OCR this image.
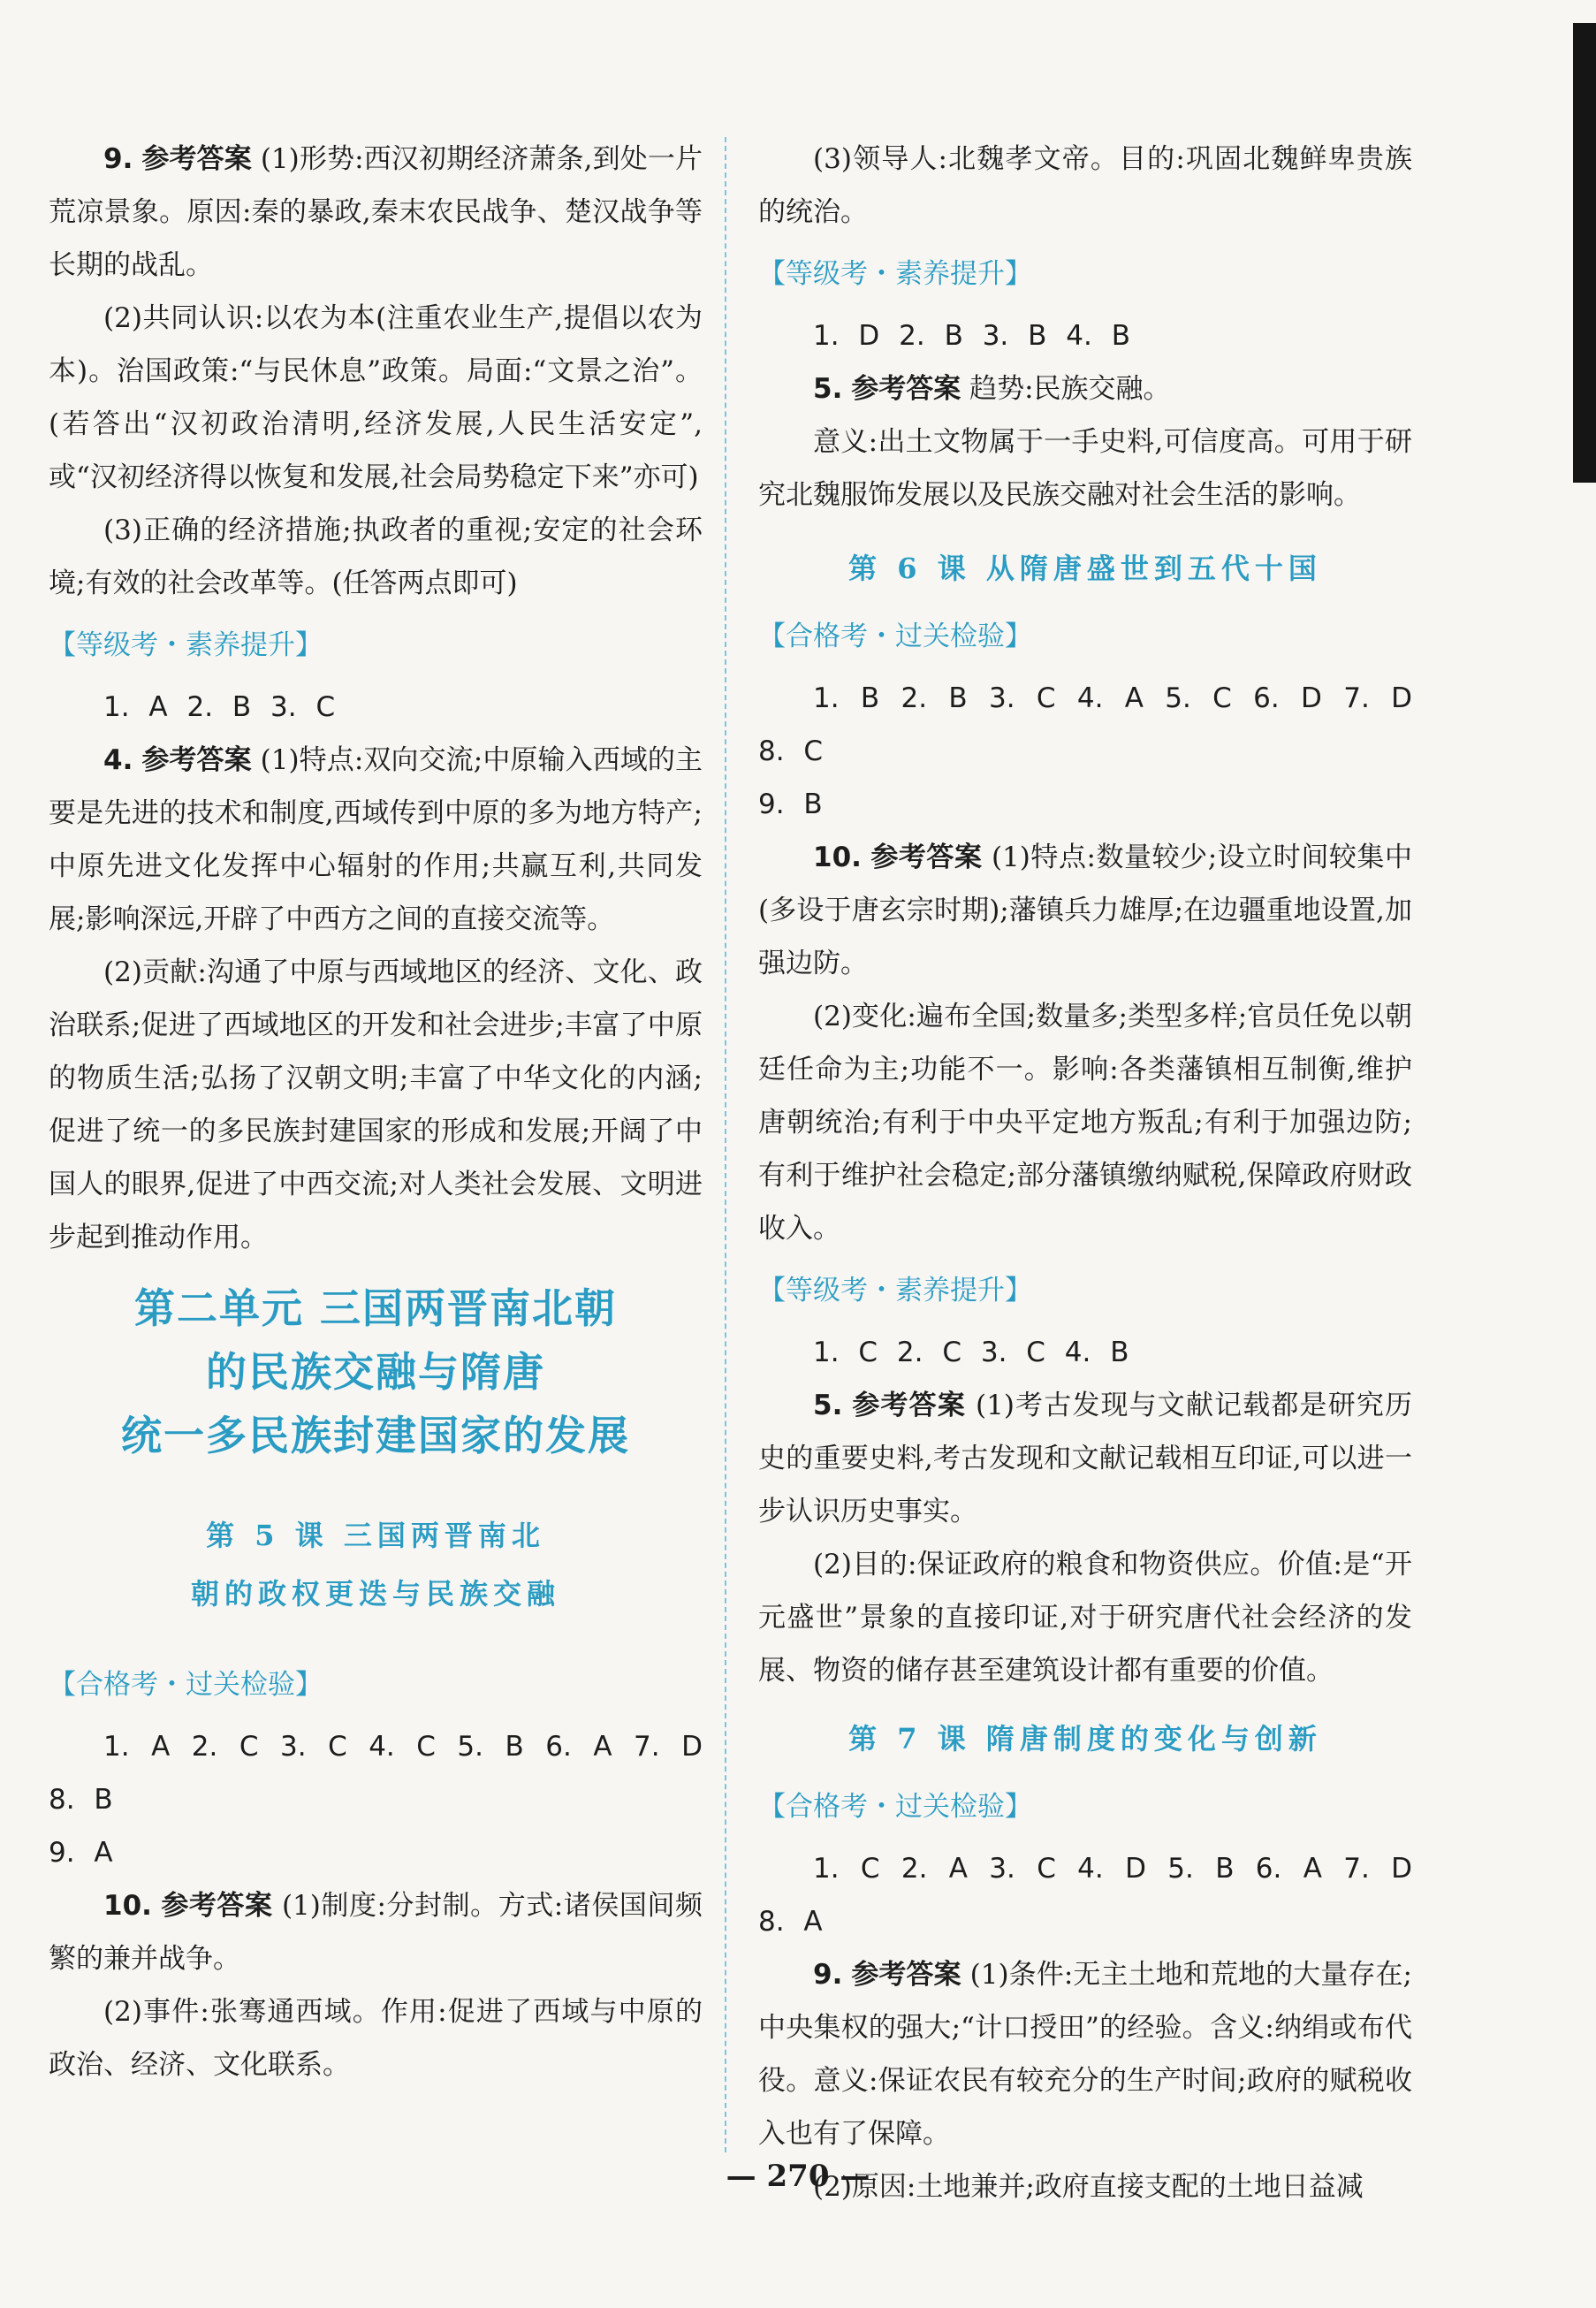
9. 参考答案 (1)形势:西汉初期经济萧条,到处一片荒凉景象。原因:秦的暴政,秦末农民战争、楚汉战争等长期的战乱。

(2)共同认识:以农为本(注重农业生产,提倡以农为本)。治国政策:“与民休息”政策。局面:“文景之治”。(若答出“汉初政治清明,经济发展,人民生活安定”,或“汉初经济得以恢复和发展,社会局势稳定下来”亦可)

(3)正确的经济措施;执政者的重视;安定的社会环境;有效的社会改革等。(任答两点即可)

【等级考・素养提升】

1. A 2. B 3. C

4. 参考答案 (1)特点:双向交流;中原输入西域的主要是先进的技术和制度,西域传到中原的多为地方特产;中原先进文化发挥中心辐射的作用;共赢互利,共同发展;影响深远,开辟了中西方之间的直接交流等。

(2)贡献:沟通了中原与西域地区的经济、文化、政治联系;促进了西域地区的开发和社会进步;丰富了中原的物质生活;弘扬了汉朝文明;丰富了中华文化的内涵;促进了统一的多民族封建国家的形成和发展;开阔了中国人的眼界,促进了中西交流;对人类社会发展、文明进步起到推动作用。

第二单元 三国两晋南北朝
的民族交融与隋唐
统一多民族封建国家的发展
第 5 课 三国两晋南北
朝的政权更迭与民族交融
【合格考・过关检验】

1. A 2. C 3. C 4. C 5. B 6. A 7. D 8. B

9. A

10. 参考答案 (1)制度:分封制。方式:诸侯国间频繁的兼并战争。

(2)事件:张骞通西域。作用:促进了西域与中原的政治、经济、文化联系。

(3)领导人:北魏孝文帝。目的:巩固北魏鲜卑贵族的统治。

【等级考・素养提升】

1. D 2. B 3. B 4. B

5. 参考答案 趋势:民族交融。

意义:出土文物属于一手史料,可信度高。可用于研究北魏服饰发展以及民族交融对社会生活的影响。

第 6 课 从隋唐盛世到五代十国
【合格考・过关检验】

1. B 2. B 3. C 4. A 5. C 6. D 7. D 8. C

9. B

10. 参考答案 (1)特点:数量较少;设立时间较集中(多设于唐玄宗时期);藩镇兵力雄厚;在边疆重地设置,加强边防。

(2)变化:遍布全国;数量多;类型多样;官员任免以朝廷任命为主;功能不一。影响:各类藩镇相互制衡,维护唐朝统治;有利于中央平定地方叛乱;有利于加强边防;有利于维护社会稳定;部分藩镇缴纳赋税,保障政府财政收入。

【等级考・素养提升】

1. C 2. C 3. C 4. B

5. 参考答案 (1)考古发现与文献记载都是研究历史的重要史料,考古发现和文献记载相互印证,可以进一步认识历史事实。

(2)目的:保证政府的粮食和物资供应。价值:是“开元盛世”景象的直接印证,对于研究唐代社会经济的发展、物资的储存甚至建筑设计都有重要的价值。

第 7 课 隋唐制度的变化与创新
【合格考・过关检验】

1. C 2. A 3. C 4. D 5. B 6. A 7. D 8. A

9. 参考答案 (1)条件:无主土地和荒地的大量存在;中央集权的强大;“计口授田”的经验。含义:纳绢或布代役。意义:保证农民有较充分的生产时间;政府的赋税收入也有了保障。

(2)原因:土地兼并;政府直接支配的土地日益减

— 270 —
